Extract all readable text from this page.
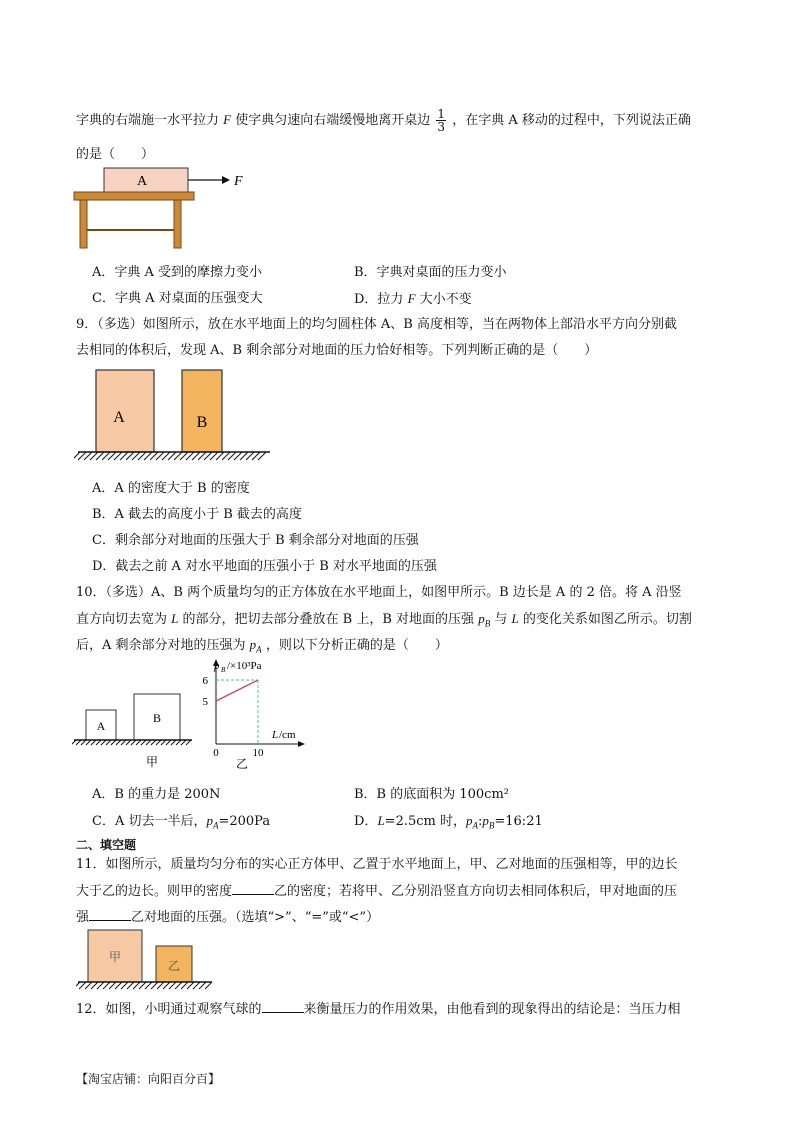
字典的右端施一水平拉力 F 使字典匀速向右端缓慢地离开桌边 $\frac{1}{3}$ ，在字典 A 移动的过程中，下列说法正确
的是（　　）
A	F
A．字典 A 受到的摩擦力变小	B．字典对桌面的压力变小
C．字典 A 对桌面的压强变大	D．拉力 F 大小不变
9．（多选）如图所示，放在水平地面上的均匀圆柱体 A、B 高度相等，当在两物体上部沿水平方向分别截
去相同的体积后，发现 A、B 剩余部分对地面的压力恰好相等。下列判断正确的是（　　）
A	B
A．A 的密度大于 B 的密度
B．A 截去的高度小于 B 截去的高度
C．剩余部分对地面的压强大于 B 剩余部分对地面的压强
D．截去之前 A 对水平地面的压强小于 B 对水平地面的压强
10．（多选）A、B 两个质量均匀的正方体放在水平地面上，如图甲所示。B 边长是 A 的 2 倍。将 A 沿竖
直方向切去宽为 L 的部分，把切去部分叠放在 B 上，B 对地面的压强 $p_B$ 与 L 的变化关系如图乙所示。切割
后，A 剩余部分对地的压强为 $p_A$ ，则以下分析正确的是（　　）
A
B
甲
p B /×10³Pa
6
5
0	10
L /cm
乙
A．B 的重力是 200N	B．B 的底面积为 100cm²
C．A 切去一半后，$p_A=200Pa$	D．L=2.5cm 时，$p_A:p_B=16:21$
二、填空题
11．如图所示，质量均匀分布的实心正方体甲、乙置于水平地面上，甲、乙对地面的压强相等，甲的边长
大于乙的边长。则甲的密度	乙的密度；若将甲、乙分别沿竖直方向切去相同体积后，甲对地面的压
强	乙对地面的压强。（选填“>”、“=”或“<”）
甲
乙
12．如图，小明通过观察气球的	来衡量压力的作用效果，由他看到的现象得出的结论是：当压力相
【淘宝店铺：向阳百分百】
